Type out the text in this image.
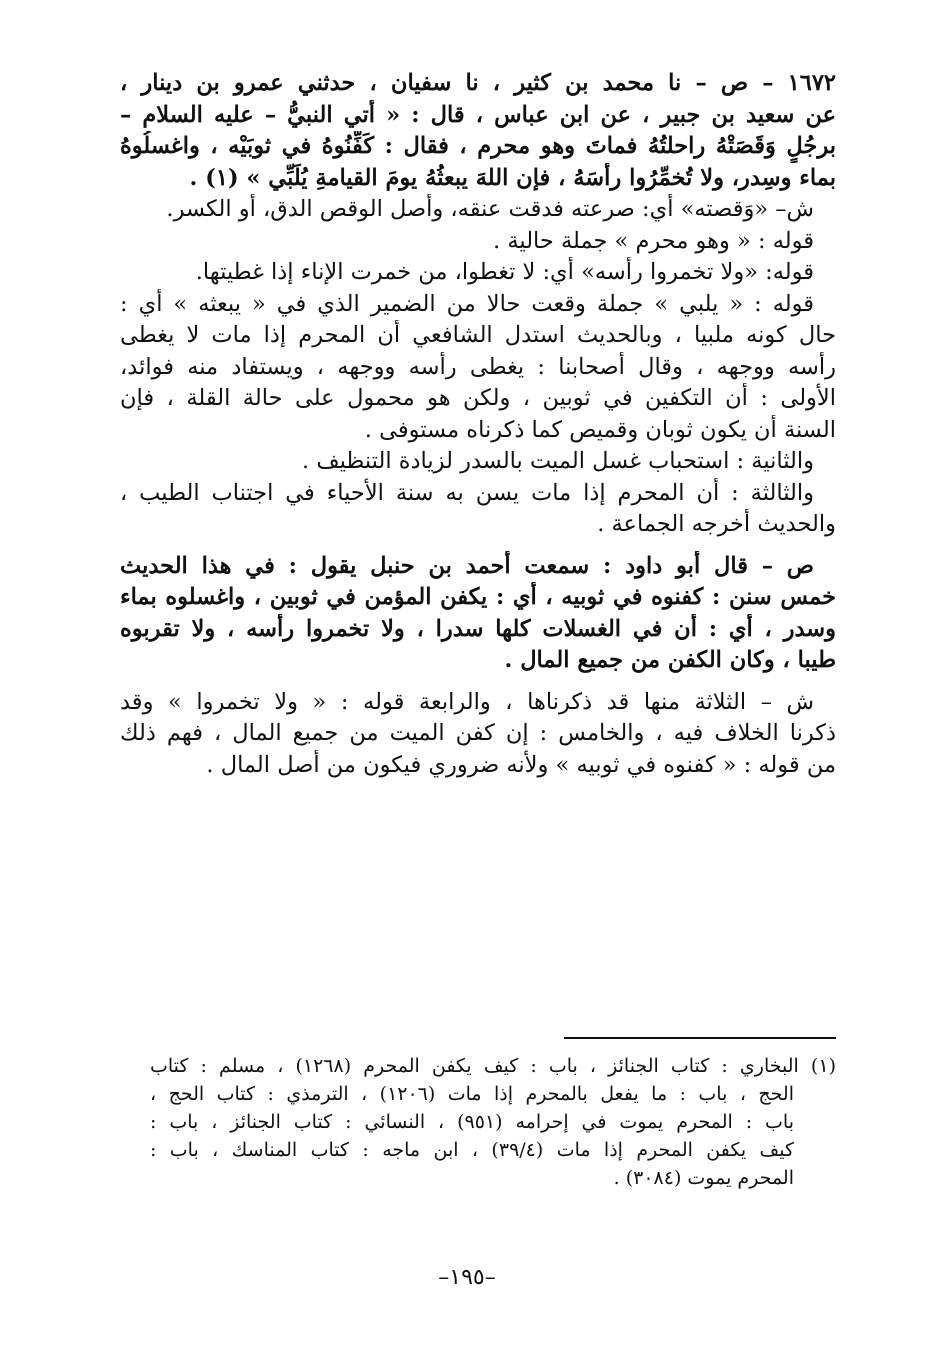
١٦٧٢ – ص – نا محمد بن كثير ، نا سفيان ، حدثني عمرو بن دينار ،

عن سعيد بن جبير ، عن ابن عباس ، قال : « أُتي النبيُّ – عليه السلام –

برجُلٍ وَقَصَتْهُ راحلتُهُ فماتَ وهو محرم ، فقال : كَفِّنُوهُ في ثوبَيْه ، واغسلُوهُ

بماء وسِدر، ولا تُخمِّرُوا رأسَهُ ، فإن اللهَ يبعثُهُ يومَ القيامةِ يُلَبِّي » (١) .

ش– «وَقصته» أي: صرعته فدقت عنقه، وأصل الوقص الدق، أو الكسر.

قوله : « وهو محرم » جملة حالية .

قوله: «ولا تخمروا رأسه» أي: لا تغطوا، من خمرت الإناء إذا غطيتها.

قوله : « يلبي » جملة وقعت حالا من الضمير الذي في « يبعثه » أي :

حال كونه ملبيا ، وبالحديث استدل الشافعي أن المحرم إذا مات لا يغطى

رأسه ووجهه ، وقال أصحابنا : يغطى رأسه ووجهه ، ويستفاد منه فوائد،

الأولى : أن التكفين في ثوبين ، ولكن هو محمول على حالة القلة ، فإن

السنة أن يكون ثوبان وقميص كما ذكرناه مستوفى .

والثانية : استحباب غسل الميت بالسدر لزيادة التنظيف .

والثالثة : أن المحرم إذا مات يسن به سنة الأحياء في اجتناب الطيب ،

والحديث أخرجه الجماعة .

ص – قال أبو داود : سمعت أحمد بن حنبل يقول : في هذا الحديث

خمس سنن : كفنوه في ثوبيه ، أي : يكفن المؤمن في ثوبين ، واغسلوه بماء

وسدر ، أي : أن في الغسلات كلها سدرا ، ولا تخمروا رأسه ، ولا تقربوه

طيبا ، وكان الكفن من جميع المال .

ش – الثلاثة منها قد ذكرناها ، والرابعة قوله : « ولا تخمروا » وقد

ذكرنا الخلاف فيه ، والخامس : إن كفن الميت من جميع المال ، فهم ذلك

من قوله : « كفنوه في ثوبيه » ولأنه ضروري فيكون من أصل المال .

(١) البخاري : كتاب الجنائز ، باب : كيف يكفن المحرم (١٢٦٨) ، مسلم : كتاب

الحج ، باب : ما يفعل بالمحرم إذا مات (١٢٠٦) ، الترمذي : كتاب الحج ،

باب : المحرم يموت في إحرامه (٩٥١) ، النسائي : كتاب الجنائز ، باب :

كيف يكفن المحرم إذا مات (٣٩/٤) ، ابن ماجه : كتاب المناسك ، باب :

المحرم يموت (٣٠٨٤) .

–١٩٥–
